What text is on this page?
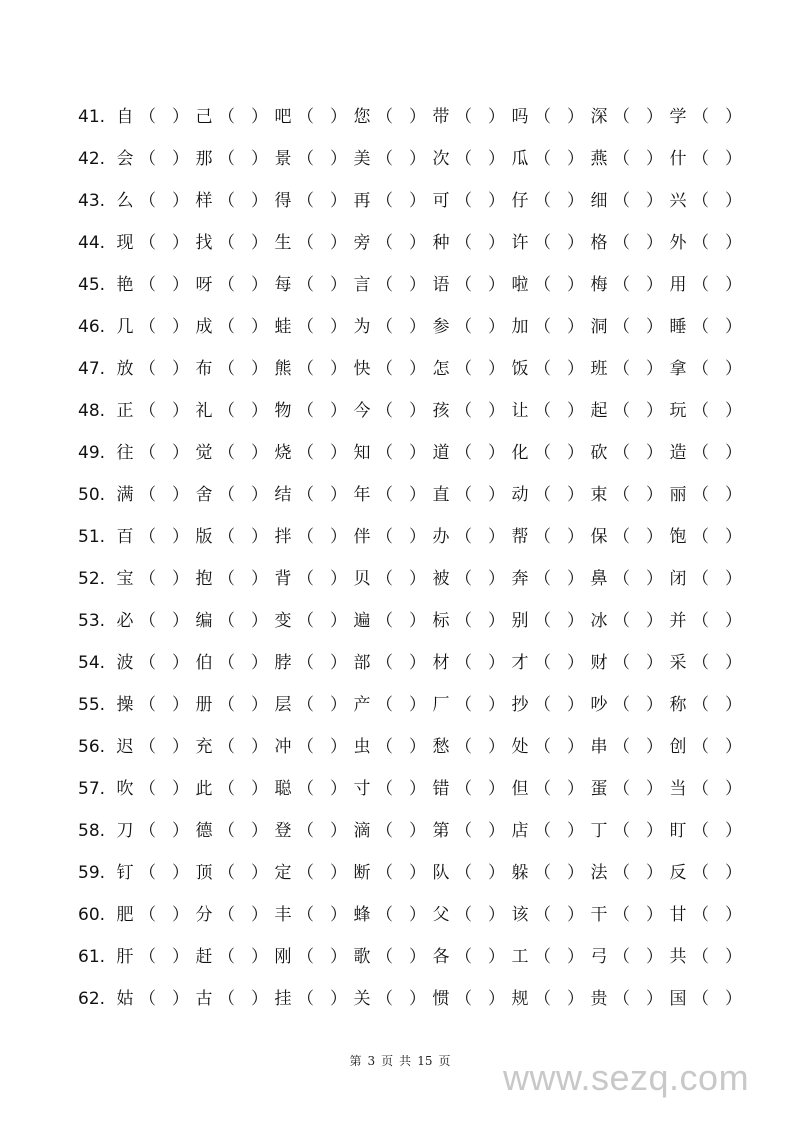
41. 自 （ ） 己 （ ） 吧 （ ） 您 （ ） 带 （ ） 吗 （ ） 深 （ ） 学 （ ）
42. 会 （ ） 那 （ ） 景 （ ） 美 （ ） 次 （ ） 瓜 （ ） 燕 （ ） 什 （ ）
43. 么 （ ） 样 （ ） 得 （ ） 再 （ ） 可 （ ） 仔 （ ） 细 （ ） 兴 （ ）
44. 现 （ ） 找 （ ） 生 （ ） 旁 （ ） 种 （ ） 许 （ ） 格 （ ） 外 （ ）
45. 艳 （ ） 呀 （ ） 每 （ ） 言 （ ） 语 （ ） 啦 （ ） 梅 （ ） 用 （ ）
46. 几 （ ） 成 （ ） 蛙 （ ） 为 （ ） 参 （ ） 加 （ ） 洞 （ ） 睡 （ ）
47. 放 （ ） 布 （ ） 熊 （ ） 快 （ ） 怎 （ ） 饭 （ ） 班 （ ） 拿 （ ）
48. 正 （ ） 礼 （ ） 物 （ ） 今 （ ） 孩 （ ） 让 （ ） 起 （ ） 玩 （ ）
49. 往 （ ） 觉 （ ） 烧 （ ） 知 （ ） 道 （ ） 化 （ ） 砍 （ ） 造 （ ）
50. 满 （ ） 舍 （ ） 结 （ ） 年 （ ） 直 （ ） 动 （ ） 束 （ ） 丽 （ ）
51. 百 （ ） 版 （ ） 拌 （ ） 伴 （ ） 办 （ ） 帮 （ ） 保 （ ） 饱 （ ）
52. 宝 （ ） 抱 （ ） 背 （ ） 贝 （ ） 被 （ ） 奔 （ ） 鼻 （ ） 闭 （ ）
53. 必 （ ） 编 （ ） 变 （ ） 遍 （ ） 标 （ ） 别 （ ） 冰 （ ） 并 （ ）
54. 波 （ ） 伯 （ ） 脖 （ ） 部 （ ） 材 （ ） 才 （ ） 财 （ ） 采 （ ）
55. 操 （ ） 册 （ ） 层 （ ） 产 （ ） 厂 （ ） 抄 （ ） 吵 （ ） 称 （ ）
56. 迟 （ ） 充 （ ） 冲 （ ） 虫 （ ） 愁 （ ） 处 （ ） 串 （ ） 创 （ ）
57. 吹 （ ） 此 （ ） 聪 （ ） 寸 （ ） 错 （ ） 但 （ ） 蛋 （ ） 当 （ ）
58. 刀 （ ） 德 （ ） 登 （ ） 滴 （ ） 第 （ ） 店 （ ） 丁 （ ） 盯 （ ）
59. 钉 （ ） 顶 （ ） 定 （ ） 断 （ ） 队 （ ） 躲 （ ） 法 （ ） 反 （ ）
60. 肥 （ ） 分 （ ） 丰 （ ） 蜂 （ ） 父 （ ） 该 （ ） 干 （ ） 甘 （ ）
61. 肝 （ ） 赶 （ ） 刚 （ ） 歌 （ ） 各 （ ） 工 （ ） 弓 （ ） 共 （ ）
62. 姑 （ ） 古 （ ） 挂 （ ） 关 （ ） 惯 （ ） 规 （ ） 贵 （ ） 国 （ ）
第 3 页 共 15 页	www.sezq.com
